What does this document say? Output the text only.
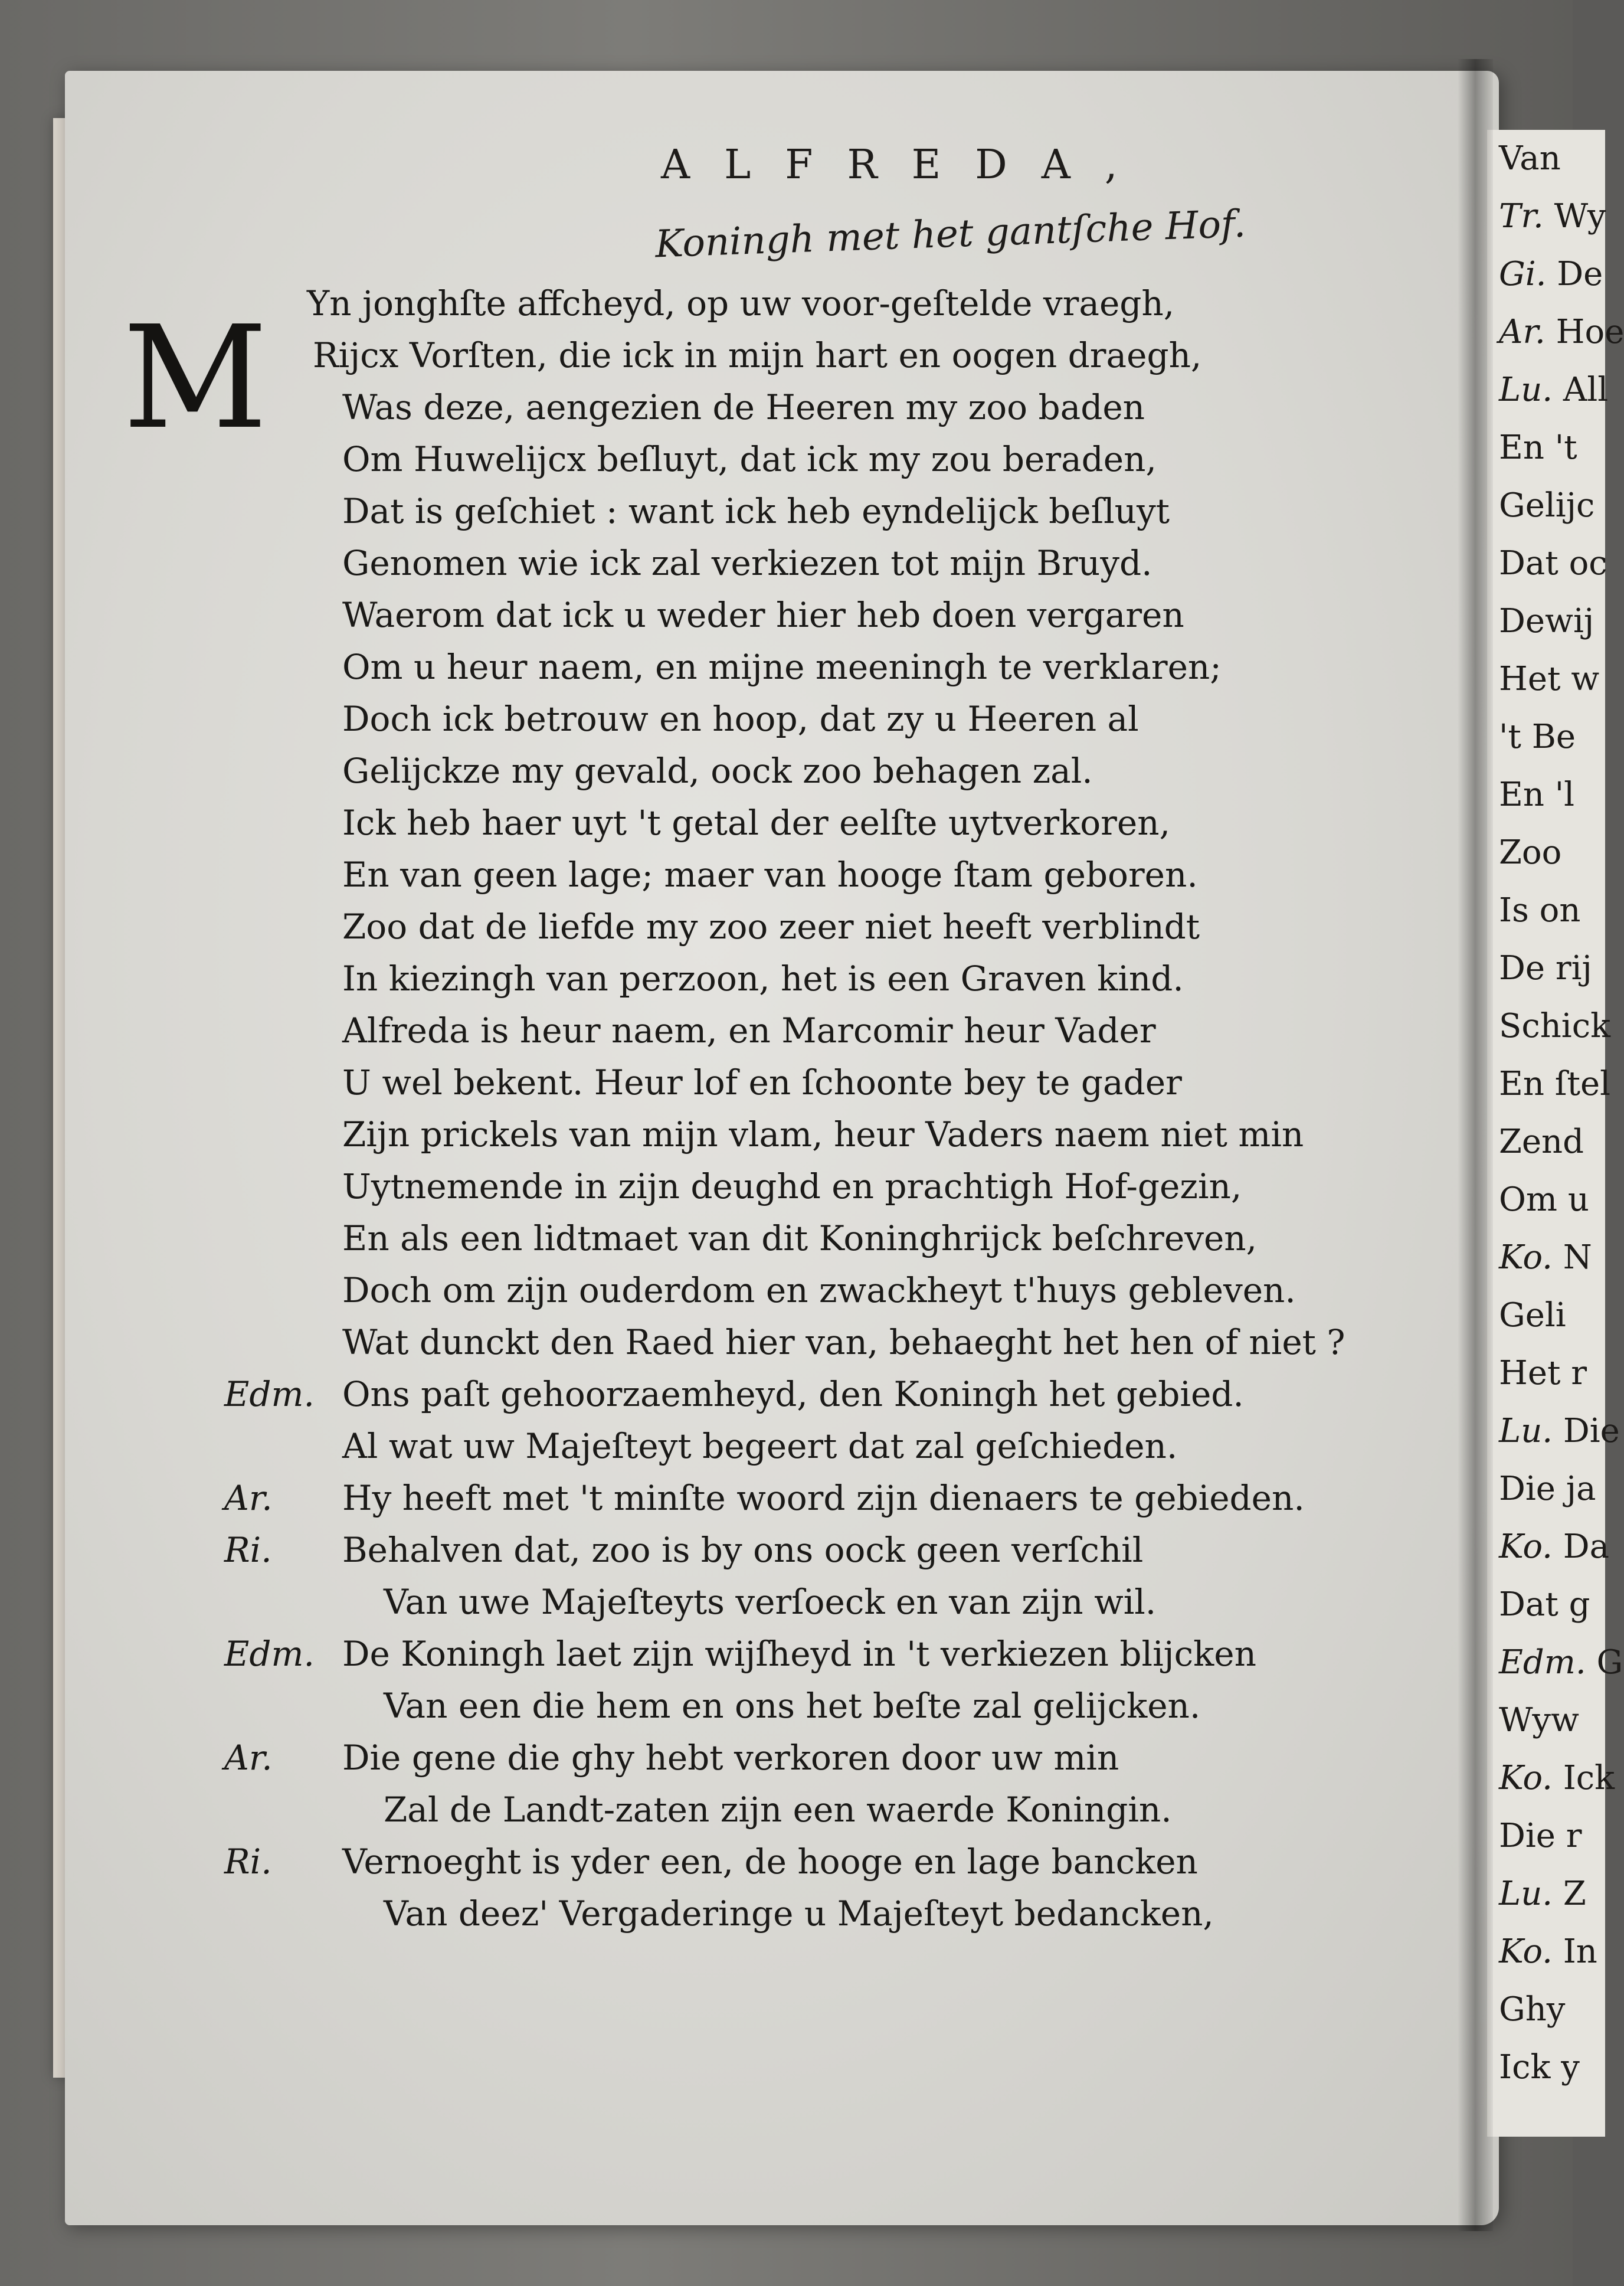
Van
Tr. Wy
Gi. De
Ar. Hoe
Lu. All
En 't
Gelijc
Dat oc
Dewij
Het w
't Be
En 'l
Zoo
Is on
De rij
Schick
En ſtel
Zend
Om u
Ko. N
Geli
Het r
Lu. Die
Die ja
Ko. Da
Dat g
Edm. G
Wyw
Ko. Ick
Die r
Lu. Z
Ko. In
Ghy
Ick y
ALFREDA,
Koningh met het gantſche Hof.
M	Yn jonghſte affcheyd, op uw voor-geſtelde vraegh,
Rijcx Vorſten, die ick in mijn hart en oogen draegh,
Was deze, aengezien de Heeren my zoo baden
Om Huwelijcx beſluyt, dat ick my zou beraden,
Dat is geſchiet : want ick heb eyndelijck beſluyt
Genomen wie ick zal verkiezen tot mijn Bruyd.
Waerom dat ick u weder hier heb doen vergaren
Om u heur naem, en mijne meeningh te verklaren;
Doch ick betrouw en hoop, dat zy u Heeren al
Gelijckze my gevald, oock zoo behagen zal.
Ick heb haer uyt 't getal der eelſte uytverkoren,
En van geen lage; maer van hooge ſtam geboren.
Zoo dat de liefde my zoo zeer niet heeft verblindt
In kiezingh van perzoon, het is een Graven kind.
Alfreda is heur naem, en Marcomir heur Vader
U wel bekent. Heur lof en ſchoonte bey te gader
Zijn prickels van mijn vlam, heur Vaders naem niet min
Uytnemende in zijn deughd en prachtigh Hof-gezin,
En als een lidtmaet van dit Koninghrijck beſchreven,
Doch om zijn ouderdom en zwackheyt t'huys gebleven.
Wat dunckt den Raed hier van, behaeght het hen of niet ?
Edm. Ons paſt gehoorzaemheyd, den Koningh het gebied.
Al wat uw Majeſteyt begeert dat zal geſchieden.
Ar. Hy heeft met 't minſte woord zijn dienaers te gebieden.
Ri. Behalven dat, zoo is by ons oock geen verſchil
Van uwe Majeſteyts verſoeck en van zijn wil.
Edm. De Koningh laet zijn wijſheyd in 't verkiezen blijcken
Van een die hem en ons het beſte zal gelijcken.
Ar. Die gene die ghy hebt verkoren door uw min
Zal de Landt-zaten zijn een waerde Koningin.
Ri. Vernoeght is yder een, de hooge en lage bancken
Van deez' Vergaderinge u Majeſteyt bedancken,
